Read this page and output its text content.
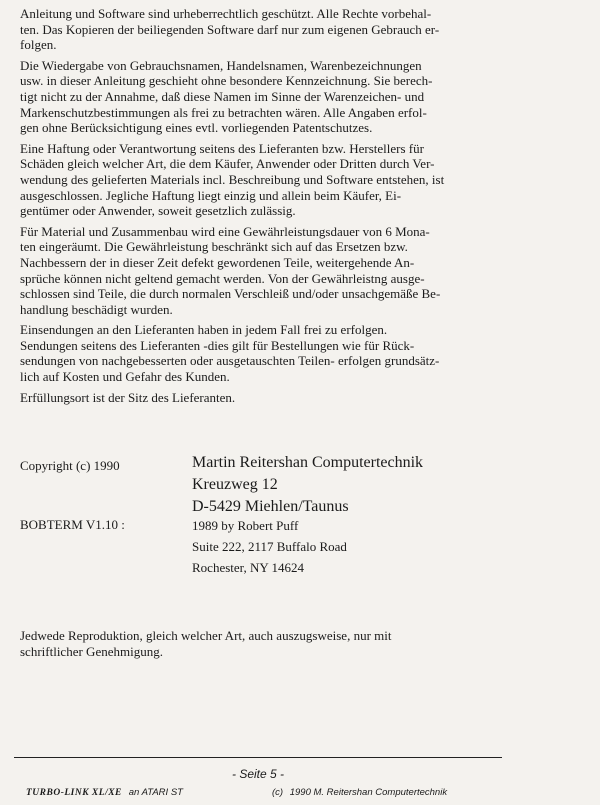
Anleitung und Software sind urheberrechtlich geschützt. Alle Rechte vorbehal-
ten. Das Kopieren der beiliegenden Software darf nur zum eigenen Gebrauch er-
folgen.

Die Wiedergabe von Gebrauchsnamen, Handelsnamen, Warenbezeichnungen
usw. in dieser Anleitung geschieht ohne besondere Kennzeichnung. Sie berech-
tigt nicht zu der Annahme, daß diese Namen im Sinne der Warenzeichen- und
Markenschutzbestimmungen als frei zu betrachten wären. Alle Angaben erfol-
gen ohne Berücksichtigung eines evtl. vorliegenden Patentschutzes.

Eine Haftung oder Verantwortung seitens des Lieferanten bzw. Herstellers für
Schäden gleich welcher Art, die dem Käufer, Anwender oder Dritten durch Ver-
wendung des gelieferten Materials incl. Beschreibung und Software entstehen, ist
ausgeschlossen. Jegliche Haftung liegt einzig und allein beim Käufer, Ei-
gentümer oder Anwender, soweit gesetzlich zulässig.

Für Material und Zusammenbau wird eine Gewährleistungsdauer von 6 Mona-
ten eingeräumt. Die Gewährleistung beschränkt sich auf das Ersetzen bzw.
Nachbessern der in dieser Zeit defekt gewordenen Teile, weitergehende An-
sprüche können nicht geltend gemacht werden. Von der Gewährleistng ausge-
schlossen sind Teile, die durch normalen Verschleiß und/oder unsachgemäße Be-
handlung beschädigt wurden.

Einsendungen an den Lieferanten haben in jedem Fall frei zu erfolgen.
Sendungen seitens des Lieferanten -dies gilt für Bestellungen wie für Rück-
sendungen von nachgebesserten oder ausgetauschten Teilen- erfolgen grundsätz-
lich auf Kosten und Gefahr des Kunden.

Erfüllungsort ist der Sitz des Lieferanten.

Copyright (c) 1990	Martin Reitershan Computertechnik
Kreuzweg 12
D-5429 Miehlen/Taunus
BOBTERM V1.10 :	1989 by Robert Puff
Suite 222, 2117 Buffalo Road
Rochester, NY 14624
Jedwede Reproduktion, gleich welcher Art, auch auszugsweise, nur mit
schriftlicher Genehmigung.
- Seite 5 -
TURBO-LINK XL/XE an ATARI ST	(c) 1990 M. Reitershan Computertechnik
